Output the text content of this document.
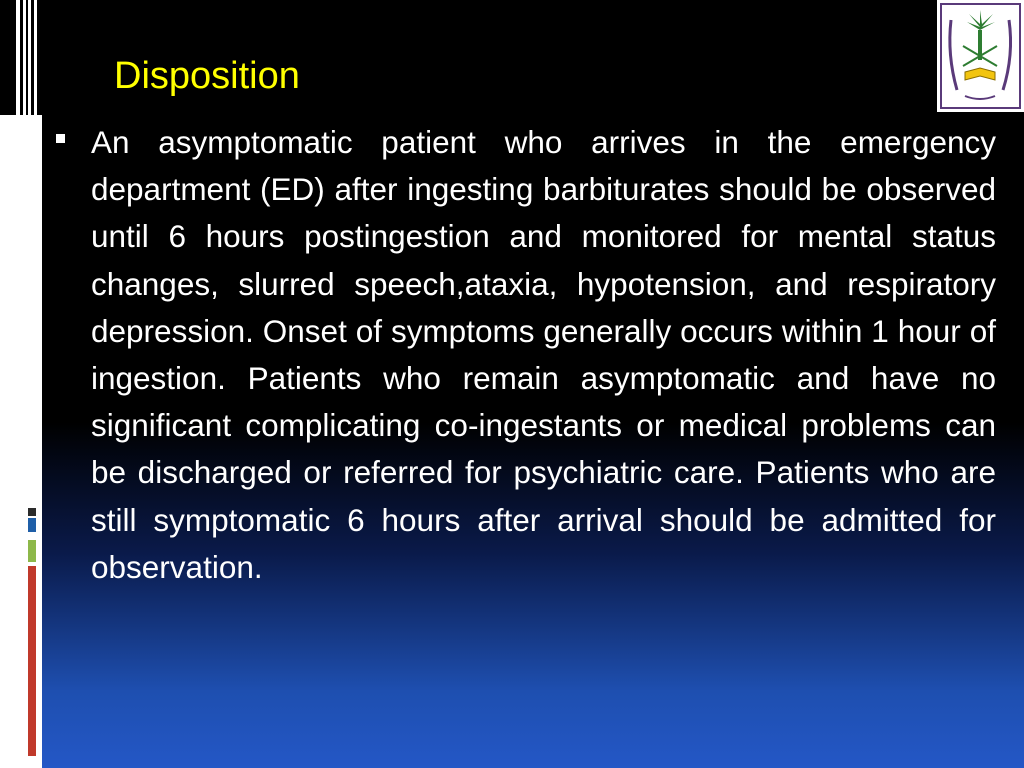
Disposition

An asymptomatic patient who arrives in the emergency department (ED) after ingesting barbiturates should be observed until 6 hours postingestion and monitored for mental status changes, slurred speech,ataxia, hypotension, and respiratory depression. Onset of symptoms generally occurs within 1 hour of ingestion. Patients who remain asymptomatic and have no significant complicating co-ingestants or medical problems can be discharged or referred for psychiatric care. Patients who are still symptomatic 6 hours after arrival should be admitted for observation.
